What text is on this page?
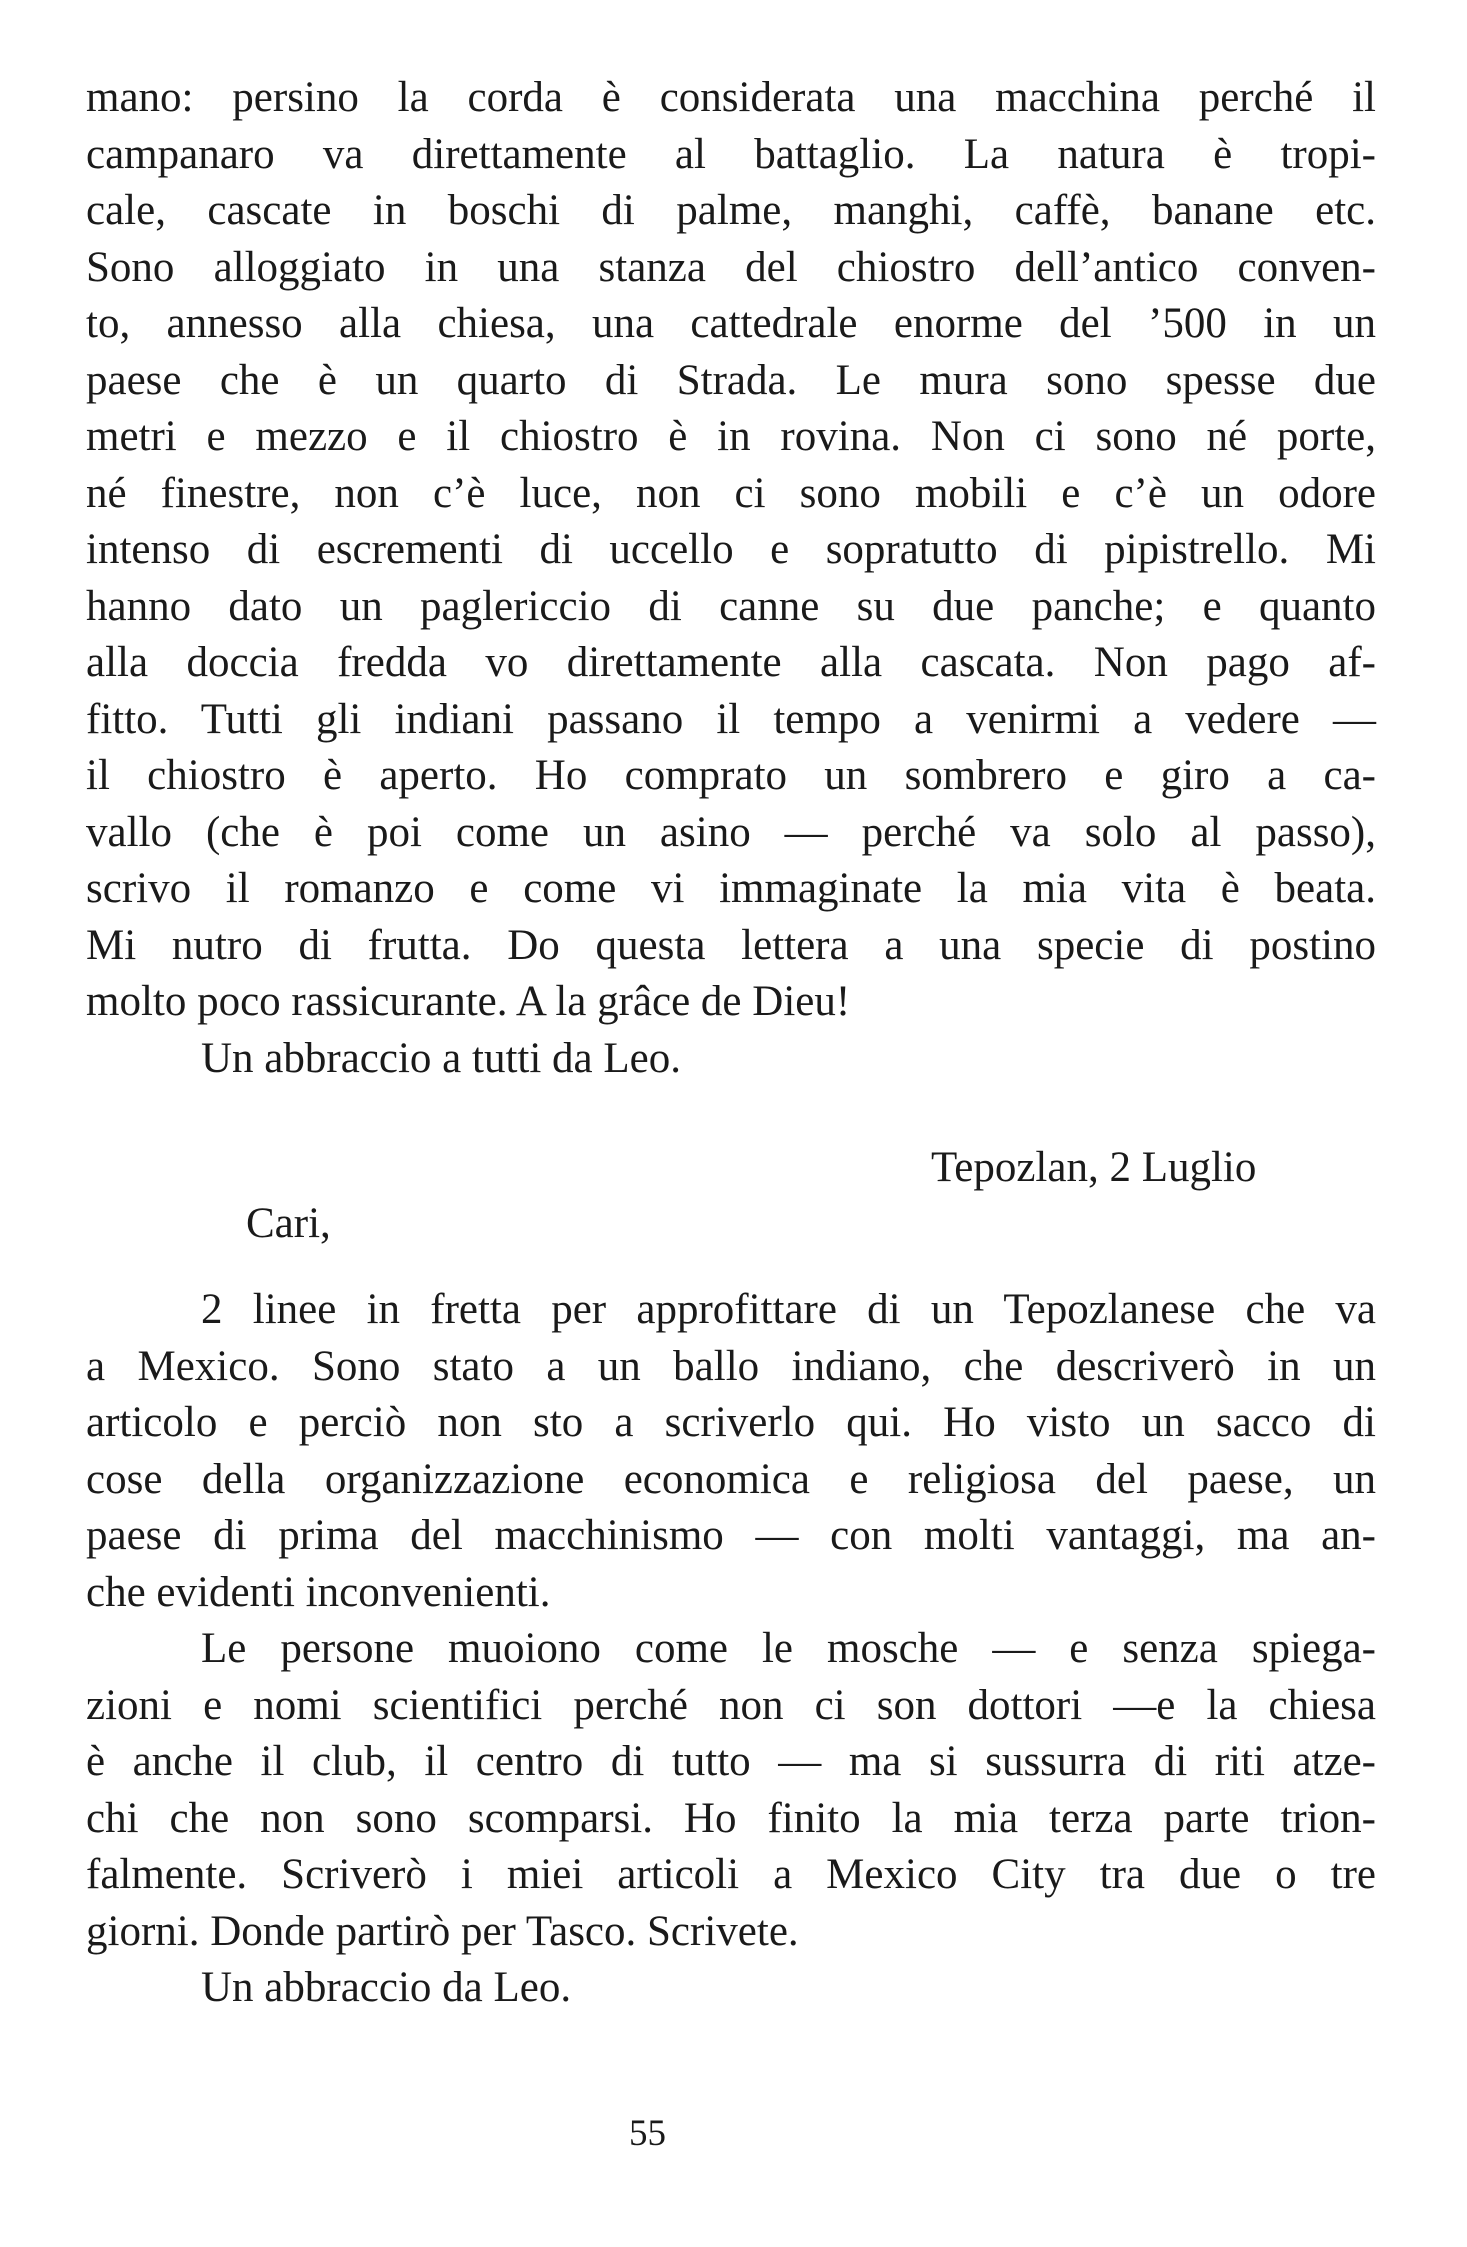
mano: persino la corda è considerata una macchina perché il
campanaro va direttamente al battaglio. La natura è tropi-
cale, cascate in boschi di palme, manghi, caffè, banane etc.
Sono alloggiato in una stanza del chiostro dell’antico conven-
to, annesso alla chiesa, una cattedrale enorme del ’500 in un
paese che è un quarto di Strada. Le mura sono spesse due
metri e mezzo e il chiostro è in rovina. Non ci sono né porte,
né finestre, non c’è luce, non ci sono mobili e c’è un odore
intenso di escrementi di uccello e sopratutto di pipistrello. Mi
hanno dato un paglericcio di canne su due panche; e quanto
alla doccia fredda vo direttamente alla cascata. Non pago af-
fitto. Tutti gli indiani passano il tempo a venirmi a vedere —
il chiostro è aperto. Ho comprato un sombrero e giro a ca-
vallo (che è poi come un asino — perché va solo al passo),
scrivo il romanzo e come vi immaginate la mia vita è beata.
Mi nutro di frutta. Do questa lettera a una specie di postino
molto poco rassicurante. A la grâce de Dieu!
Un abbraccio a tutti da Leo.
Tepozlan, 2 Luglio
Cari,
2 linee in fretta per approfittare di un Tepozlanese che va
a Mexico. Sono stato a un ballo indiano, che descriverò in un
articolo e perciò non sto a scriverlo qui. Ho visto un sacco di
cose della organizzazione economica e religiosa del paese, un
paese di prima del macchinismo — con molti vantaggi, ma an-
che evidenti inconvenienti.
Le persone muoiono come le mosche — e senza spiega-
zioni e nomi scientifici perché non ci son dottori —e la chiesa
è anche il club, il centro di tutto — ma si sussurra di riti atze-
chi che non sono scomparsi. Ho finito la mia terza parte trion-
falmente. Scriverò i miei articoli a Mexico City tra due o tre
giorni. Donde partirò per Tasco. Scrivete.
Un abbraccio da Leo.
55
